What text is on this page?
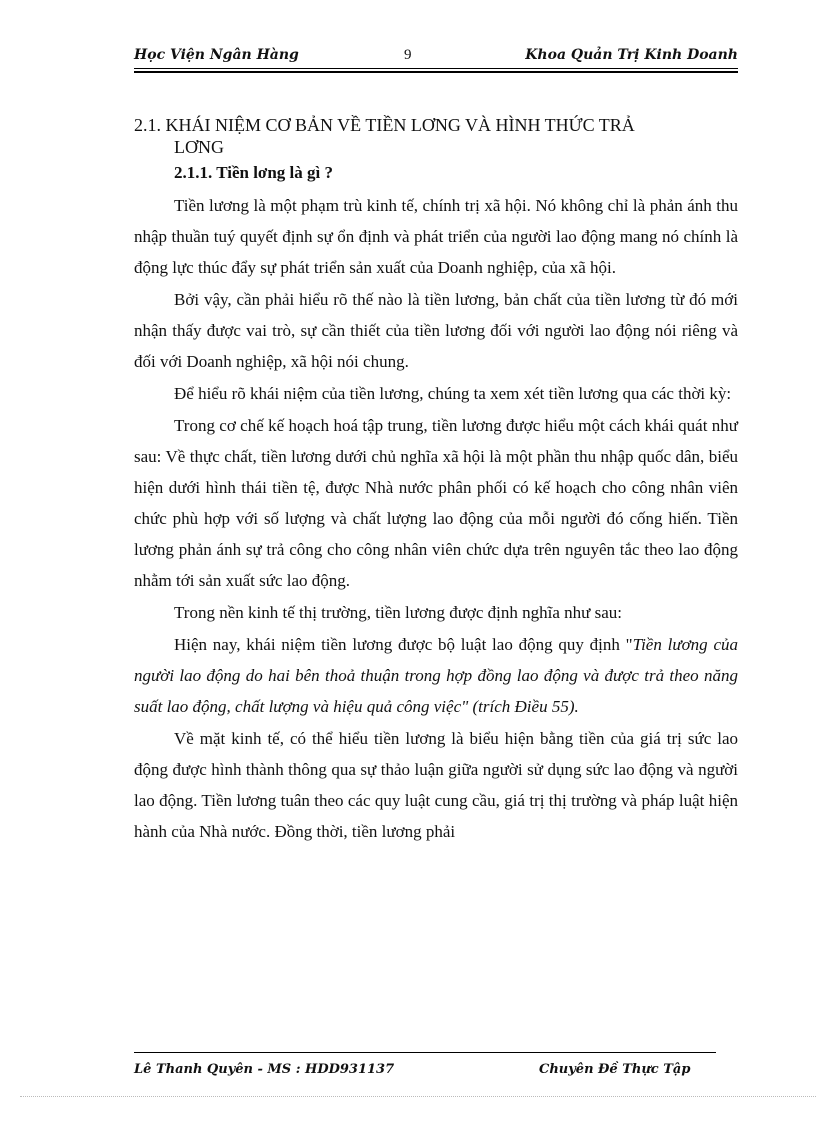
Học Viện Ngân Hàng	9	Khoa Quản Trị Kinh Doanh

2.1. KHÁI NIỆM CƠ BẢN VỀ TIỀN LƠNG VÀ HÌNH THỨC TRẢ
LƠNG

2.1.1. Tiền lơng là gì ?

Tiền lương là một phạm trù kinh tế, chính trị xã hội. Nó không chỉ là phản ánh thu nhập thuần tuý quyết định sự ổn định và phát triển của người lao động mang nó chính là động lực thúc đẩy sự phát triển sản xuất của Doanh nghiệp, của xã hội.

Bởi vậy, cần phải hiểu rõ thế nào là tiền lương, bản chất của tiền lương từ đó mới nhận thấy được vai trò, sự cần thiết của tiền lương đối với người lao động nói riêng và đối với Doanh nghiệp, xã hội nói chung.

Để hiểu rõ khái niệm của tiền lương, chúng ta xem xét tiền lương qua các thời kỳ:

Trong cơ chế kế hoạch hoá tập trung, tiền lương được hiểu một cách khái quát như sau: Về thực chất, tiền lương dưới chủ nghĩa xã hội là một phần thu nhập quốc dân, biểu hiện dưới hình thái tiền tệ, được Nhà nước phân phối có kế hoạch cho công nhân viên chức phù hợp với số lượng và chất lượng lao động của mỗi người đó cống hiến. Tiền lương phản ánh sự trả công cho công nhân viên chức dựa trên nguyên tắc theo lao động nhằm tới sản xuất sức lao động.

Trong nền kinh tế thị trường, tiền lương được định nghĩa như sau:

Hiện nay, khái niệm tiền lương được bộ luật lao động quy định "Tiền lương của người lao động do hai bên thoả thuận trong hợp đồng lao động và được trả theo năng suất lao động, chất lượng và hiệu quả công việc" (trích Điều 55).

Về mặt kinh tế, có thể hiểu tiền lương là biểu hiện bằng tiền của giá trị sức lao động được hình thành thông qua sự thảo luận giữa người sử dụng sức lao động và người lao động. Tiền lương tuân theo các quy luật cung cầu, giá trị thị trường và pháp luật hiện hành của Nhà nước. Đồng thời, tiền lương phải

Lê Thanh Quyên - MS : HDD931137	Chuyên Đề Thực Tập
